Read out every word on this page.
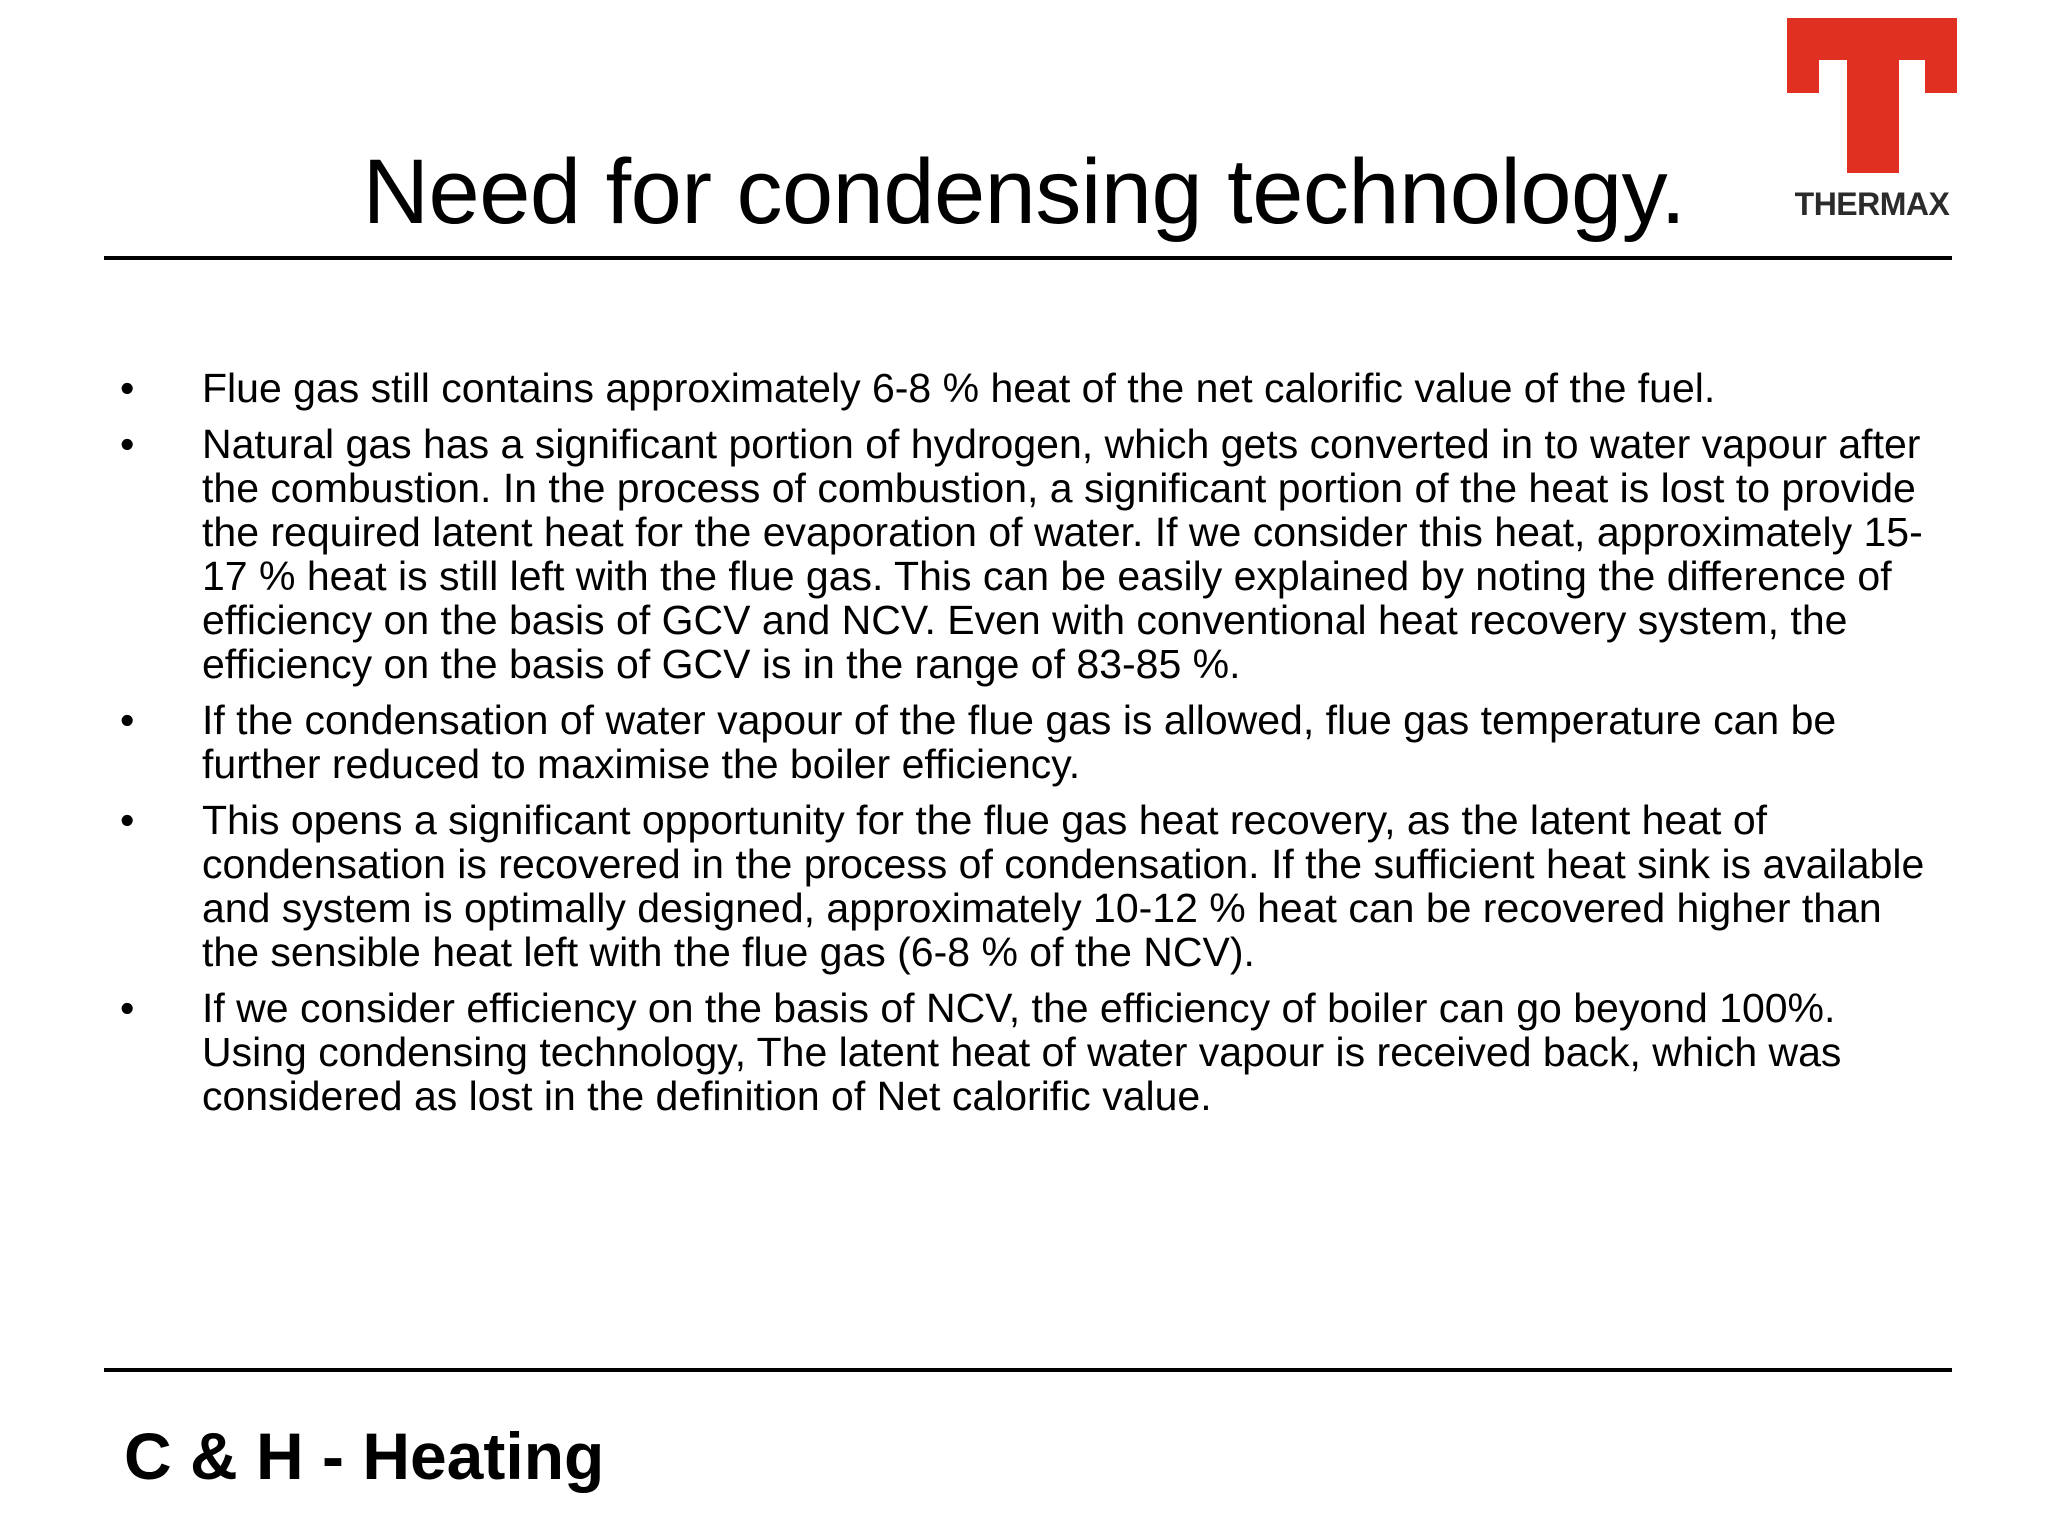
Need for condensing technology.	THERMAX
•	Flue gas still contains approximately 6-8 % heat of the net calorific value of the fuel.
•	Natural gas has a significant portion of hydrogen, which gets converted in to water vapour after the combustion. In the process of combustion, a significant portion of the heat is lost to provide the required latent heat for the evaporation of water. If we consider this heat, approximately 15-17 % heat is still left with the flue gas. This can be easily explained by noting the difference of efficiency on the basis of GCV and NCV. Even with conventional heat recovery system, the efficiency on the basis of GCV is in the range of 83-85 %.
•	If the condensation of water vapour of the flue gas is allowed, flue gas temperature can be further reduced to maximise the boiler efficiency.
•	This opens a significant opportunity for the flue gas heat recovery, as the latent heat of condensation is recovered in the process of condensation. If the sufficient heat sink is available and system is optimally designed, approximately 10-12 % heat can be recovered higher than the sensible heat left with the flue gas (6-8 % of the NCV).
•	If we consider efficiency on the basis of NCV, the efficiency of boiler can go beyond 100%. Using condensing technology, The latent heat of water vapour is received back, which was considered as lost in the definition of Net calorific value.
C & H - Heating
